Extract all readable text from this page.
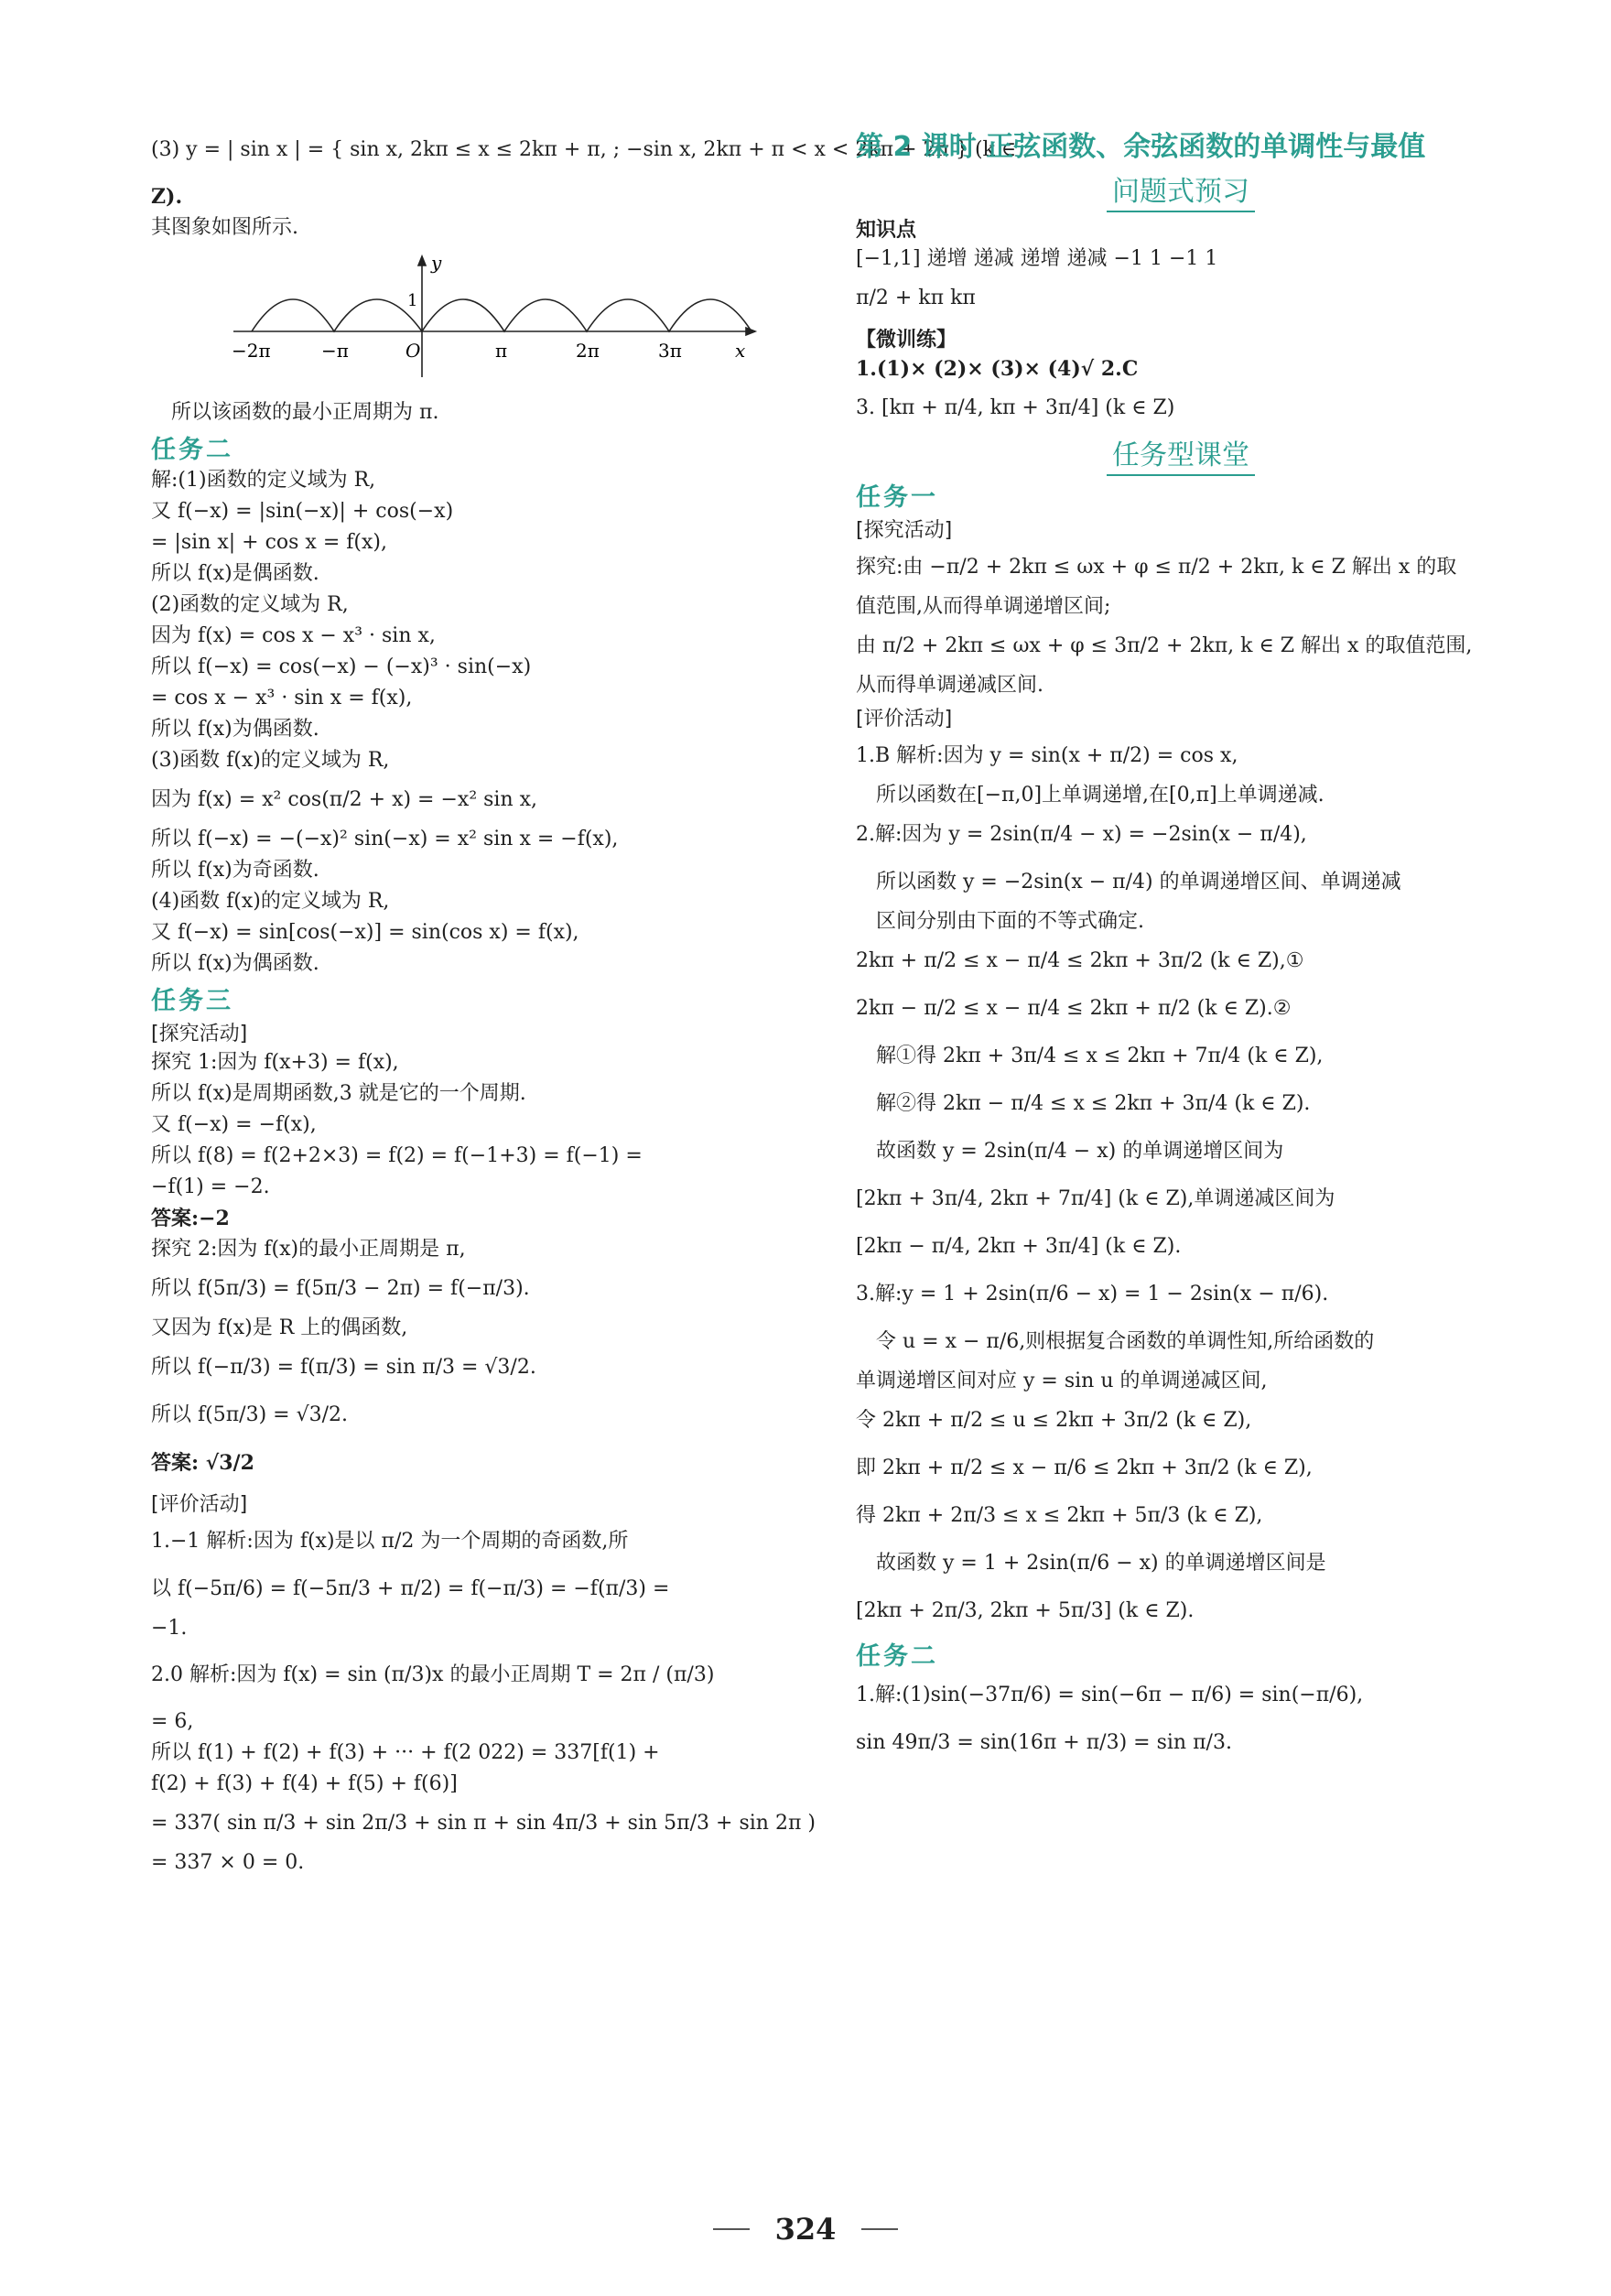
(3) y = | sin x | = { sin x, 2kπ ≤ x ≤ 2kπ + π, ; −sin x, 2kπ + π < x < 2kπ + 2π } (k ∈
Z).
其图象如图所示.
y
x
1
O
−2π	−π	π	2π	3π
所以该函数的最小正周期为 π.
任务二
解:(1)函数的定义域为 R,
又 f(−x) = |sin(−x)| + cos(−x)
= |sin x| + cos x = f(x),
所以 f(x)是偶函数.
(2)函数的定义域为 R,
因为 f(x) = cos x − x³ · sin x,
所以 f(−x) = cos(−x) − (−x)³ · sin(−x)
= cos x − x³ · sin x = f(x),
所以 f(x)为偶函数.
(3)函数 f(x)的定义域为 R,
因为 f(x) = x² cos(π/2 + x) = −x² sin x,
所以 f(−x) = −(−x)² sin(−x) = x² sin x = −f(x),
所以 f(x)为奇函数.
(4)函数 f(x)的定义域为 R,
又 f(−x) = sin[cos(−x)] = sin(cos x) = f(x),
所以 f(x)为偶函数.
任务三
[探究活动]
探究 1:因为 f(x+3) = f(x),
所以 f(x)是周期函数,3 就是它的一个周期.
又 f(−x) = −f(x),
所以 f(8) = f(2+2×3) = f(2) = f(−1+3) = f(−1) =
−f(1) = −2.
答案:−2
探究 2:因为 f(x)的最小正周期是 π,
所以 f(5π/3) = f(5π/3 − 2π) = f(−π/3).
又因为 f(x)是 R 上的偶函数,
所以 f(−π/3) = f(π/3) = sin π/3 = √3/2.
所以 f(5π/3) = √3/2.
答案: √3/2
[评价活动]
1.−1 解析:因为 f(x)是以 π/2 为一个周期的奇函数,所
以 f(−5π/6) = f(−5π/3 + π/2) = f(−π/3) = −f(π/3) =
−1.
2.0 解析:因为 f(x) = sin (π/3)x 的最小正周期 T = 2π / (π/3)
= 6,
所以 f(1) + f(2) + f(3) + ··· + f(2 022) = 337[f(1) +
f(2) + f(3) + f(4) + f(5) + f(6)]
= 337( sin π/3 + sin 2π/3 + sin π + sin 4π/3 + sin 5π/3 + sin 2π )
= 337 × 0 = 0.
第 2 课时 正弦函数、余弦函数的单调性与最值
问题式预习
知识点
[−1,1] 递增 递减 递增 递减 −1 1 −1 1
π/2 + kπ kπ
【微训练】
1.(1)× (2)× (3)× (4)√ 2.C
3. [kπ + π/4, kπ + 3π/4] (k ∈ Z)
任务型课堂
任务一
[探究活动]
探究:由 −π/2 + 2kπ ≤ ωx + φ ≤ π/2 + 2kπ, k ∈ Z 解出 x 的取
值范围,从而得单调递增区间;
由 π/2 + 2kπ ≤ ωx + φ ≤ 3π/2 + 2kπ, k ∈ Z 解出 x 的取值范围,
从而得单调递减区间.
[评价活动]
1.B 解析:因为 y = sin(x + π/2) = cos x,
所以函数在[−π,0]上单调递增,在[0,π]上单调递减.
2.解:因为 y = 2sin(π/4 − x) = −2sin(x − π/4),
所以函数 y = −2sin(x − π/4) 的单调递增区间、单调递减
区间分别由下面的不等式确定.
2kπ + π/2 ≤ x − π/4 ≤ 2kπ + 3π/2 (k ∈ Z),①
2kπ − π/2 ≤ x − π/4 ≤ 2kπ + π/2 (k ∈ Z).②
解①得 2kπ + 3π/4 ≤ x ≤ 2kπ + 7π/4 (k ∈ Z),
解②得 2kπ − π/4 ≤ x ≤ 2kπ + 3π/4 (k ∈ Z).
故函数 y = 2sin(π/4 − x) 的单调递增区间为
[2kπ + 3π/4, 2kπ + 7π/4] (k ∈ Z),单调递减区间为
[2kπ − π/4, 2kπ + 3π/4] (k ∈ Z).
3.解:y = 1 + 2sin(π/6 − x) = 1 − 2sin(x − π/6).
令 u = x − π/6,则根据复合函数的单调性知,所给函数的
单调递增区间对应 y = sin u 的单调递减区间,
令 2kπ + π/2 ≤ u ≤ 2kπ + 3π/2 (k ∈ Z),
即 2kπ + π/2 ≤ x − π/6 ≤ 2kπ + 3π/2 (k ∈ Z),
得 2kπ + 2π/3 ≤ x ≤ 2kπ + 5π/3 (k ∈ Z),
故函数 y = 1 + 2sin(π/6 − x) 的单调递增区间是
[2kπ + 2π/3, 2kπ + 5π/3] (k ∈ Z).
任务二
1.解:(1)sin(−37π/6) = sin(−6π − π/6) = sin(−π/6),
sin 49π/3 = sin(16π + π/3) = sin π/3.
324
